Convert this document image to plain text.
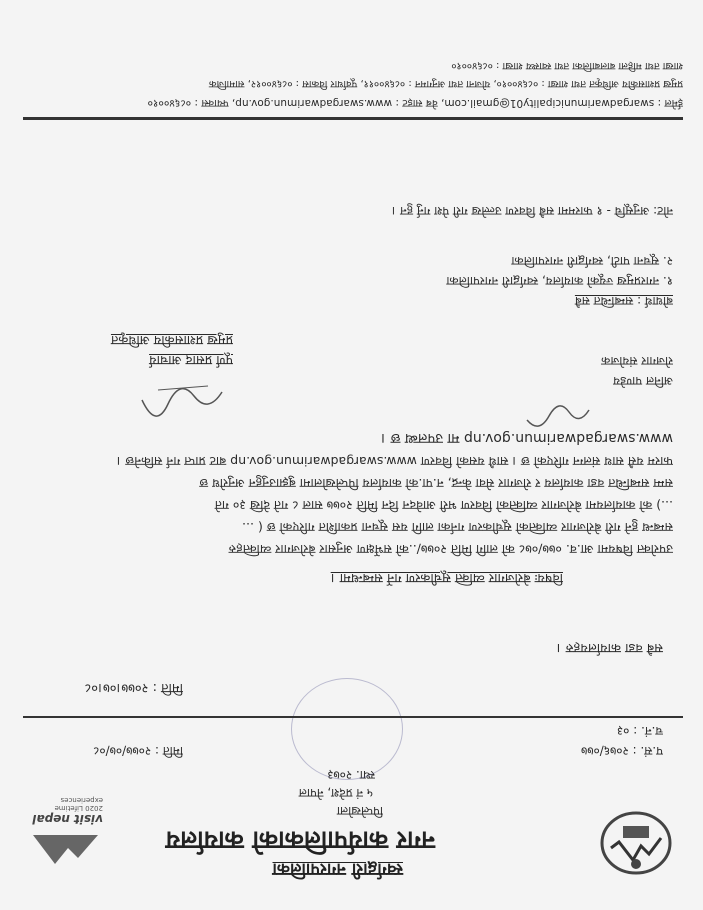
visit nepal
2020 Lifetime experiences
स्वर्गद्वारी नगरपालिका
नगर कार्यपालिकाको कार्यालय
पिप्लेखोला
५ नं प्रदेश, नेपाल
स्था. २०७३
प.सं. : २०७६/०७७
च.नं. : ०३
मिति : २०७७/०७/०८
मिति : २०७७।०७।०८
सबै वडा कार्यालयहरु ।
विषयः बेरोजगार व्यक्ति सूचीकरण गर्ने सम्बन्धमा ।
उपरोक्त विषयमा आ.व. ०७७/०७८ को लागि मिति २०७७/..को सर्भेक्षण अनुसार बेरोजगार व्यक्तिहरु
सम्बन्ध हुने गरी बेरोजगार व्यक्तिको सूचीकरण गर्नका लागि यस सूचना प्रकाशित गरिएको छ ( ...
...) को कार्यालयमा बेरोजगार व्यक्तिको विवरण भरी आवेदन दिन मिति २०७७ साल ८ गते देखि ३० गते
सम्म सम्बन्धित वडा कार्यालय र रोजगार सेवा केन्द्र, न.पा.को कार्यालय पिप्लेखोलामा बुझाउनुहुन अनुरोध छ
फारम यसै साथ संलग्न गरिएको छ । साथै यसको विवरण www.swargadwarimun.gov.np बाट प्राप्त गर्न सकिनेछ ।
www.swargadwarimun.gov.np मा उपलब्ध छ ।
पूर्ण प्रसाद आचार्य
प्रमुख प्रशासकीय अधिकृत
अनिल पाण्डेय
रोजगार संयोजक
बोधार्थ : सम्बन्धित सबै
१. नगरप्रमुख ज्यूको कार्यालय, स्वर्गद्वारी नगरपालिका
२. सूचना पाटी, स्वर्गद्वारी नगरपालिका
नोट: अनुसूचि - १ फारममा सबै विवरण उल्लेख गरी पेश गर्नु हुन ।
ईमेल : swargadwarimunicipality01@gmail.com, वेब साइट : www.swargadwarimun.gov.np, फ्याक्स : ०८६४००१०
प्रमुख प्रशासकीय अधिकृत तथा शाखा : ०८६४००१०, योजना तथा अनुगमन : ०८६४००११, पूर्वाधार विकास : ०८६४००१२, सामाजिक
शाखा तथा महिला बालबालिका तथा स्वास्थ्य शाखा : ०८६४००१०
